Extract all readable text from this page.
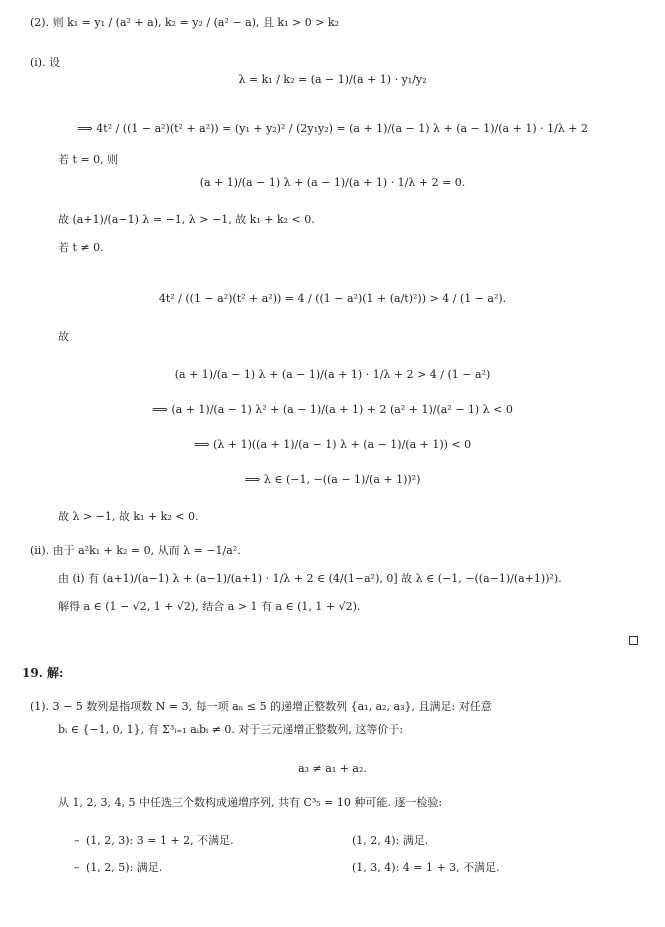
(2). 则 k₁ = y₁ / (a² + a), k₂ = y₂ / (a² − a), 且 k₁ > 0 > k₂
(i). 设
λ = k₁ / k₂ = (a − 1)/(a + 1) · y₁/y₂
⟹ 4t² / ((1 − a²)(t² + a²)) = (y₁ + y₂)² / (2y₁y₂) = (a + 1)/(a − 1) λ + (a − 1)/(a + 1) · 1/λ + 2
若 t = 0, 则
(a + 1)/(a − 1) λ + (a − 1)/(a + 1) · 1/λ + 2 = 0.
故 (a+1)/(a−1) λ = −1, λ > −1, 故 k₁ + k₂ < 0.
若 t ≠ 0.
4t² / ((1 − a²)(t² + a²)) = 4 / ((1 − a²)(1 + (a/t)²)) > 4 / (1 − a²).
故
(a + 1)/(a − 1) λ + (a − 1)/(a + 1) · 1/λ + 2 > 4 / (1 − a²)
⟹ (a + 1)/(a − 1) λ² + (a − 1)/(a + 1) + 2 (a² + 1)/(a² − 1) λ < 0
⟹ (λ + 1)((a + 1)/(a − 1) λ + (a − 1)/(a + 1)) < 0
⟹ λ ∈ (−1, −((a − 1)/(a + 1))²)
故 λ > −1, 故 k₁ + k₂ < 0.
(ii). 由于 a²k₁ + k₂ = 0, 从而 λ = −1/a².
由 (i) 有 (a+1)/(a−1) λ + (a−1)/(a+1) · 1/λ + 2 ∈ (4/(1−a²), 0] 故 λ ∈ (−1, −((a−1)/(a+1))²).
解得 a ∈ (1 − √2, 1 + √2), 结合 a > 1 有 a ∈ (1, 1 + √2).
19. 解:
(1). 3 − 5 数列是指项数 N = 3, 每一项 aₙ ≤ 5 的递增正整数列 {a₁, a₂, a₃}, 且满足: 对任意
bᵢ ∈ {−1, 0, 1}, 有 Σ³ᵢ₌₁ aᵢbᵢ ≠ 0. 对于三元递增正整数列, 这等价于:
a₃ ≠ a₁ + a₂.
从 1, 2, 3, 4, 5 中任选三个数构成递增序列, 共有 C³₅ = 10 种可能. 逐一检验:
– (1, 2, 3): 3 = 1 + 2, 不满足.	(1, 2, 4): 满足.
– (1, 2, 5): 满足.	(1, 3, 4): 4 = 1 + 3, 不满足.
